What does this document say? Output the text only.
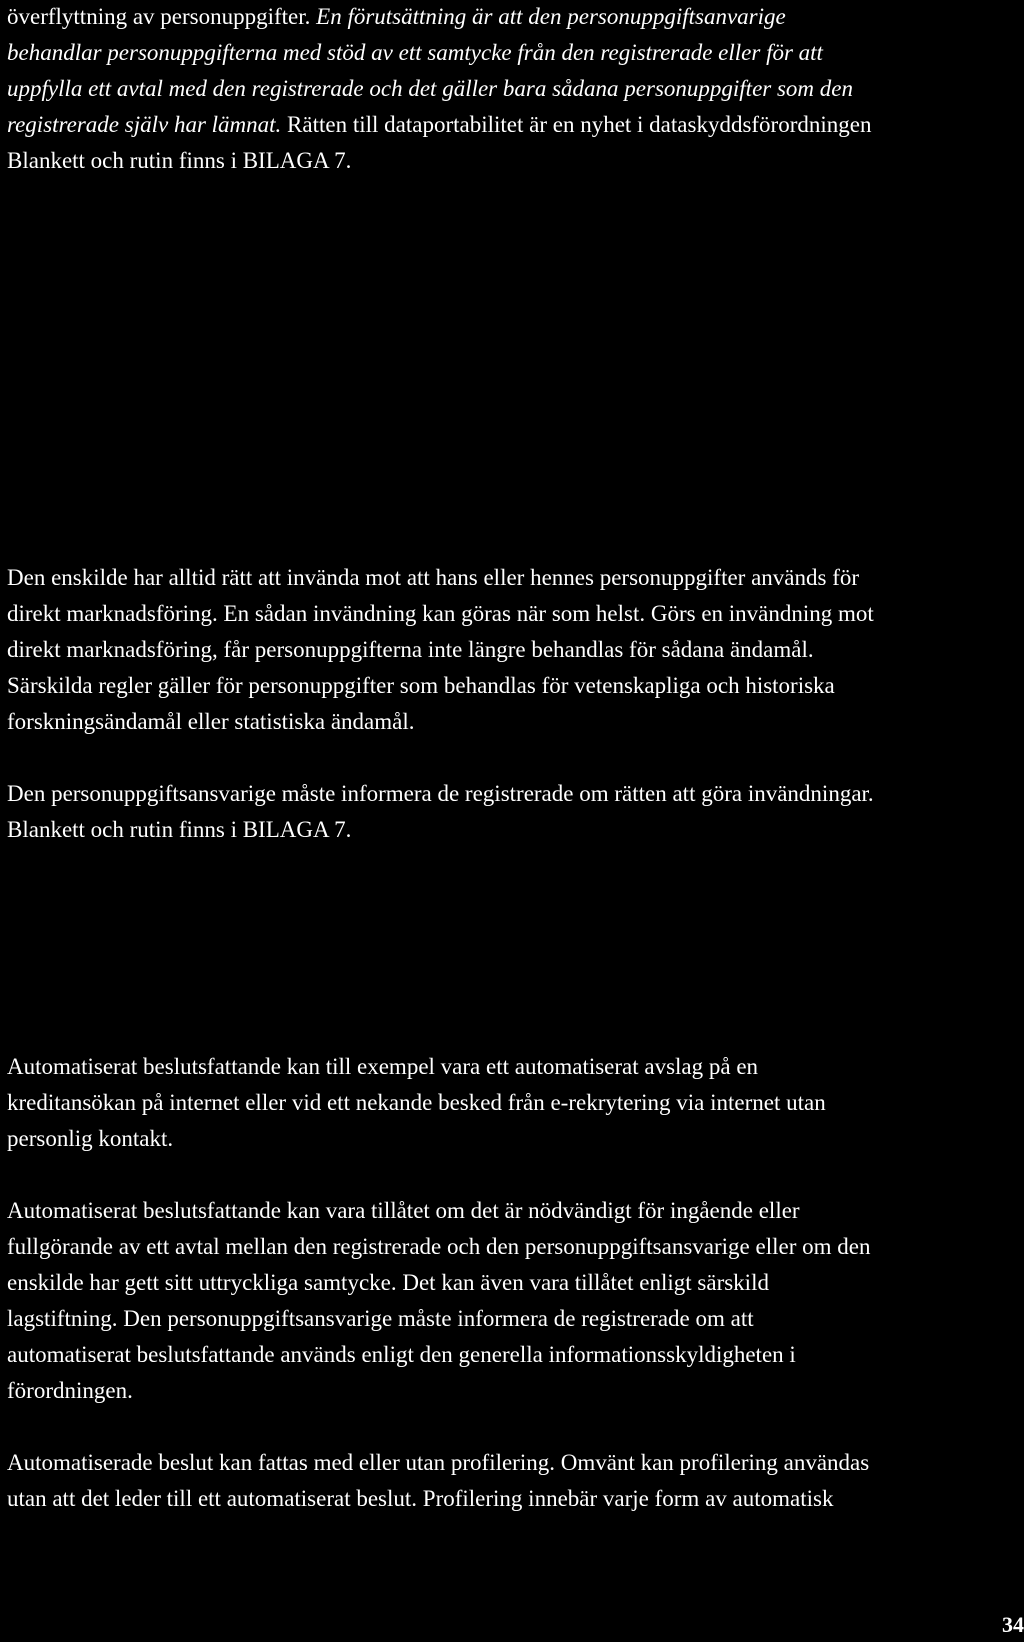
överflyttning av personuppgifter. En förutsättning är att den personuppgiftsanvarige
behandlar personuppgifterna med stöd av ett samtycke från den registrerade eller för att
uppfylla ett avtal med den registrerade och det gäller bara sådana personuppgifter som den
registrerade själv har lämnat. Rätten till dataportabilitet är en nyhet i dataskyddsförordningen
Blankett och rutin finns i BILAGA 7.
Den enskilde har alltid rätt att invända mot att hans eller hennes personuppgifter används för
direkt marknadsföring. En sådan invändning kan göras när som helst. Görs en invändning mot
direkt marknadsföring, får personuppgifterna inte längre behandlas för sådana ändamål.
Särskilda regler gäller för personuppgifter som behandlas för vetenskapliga och historiska
forskningsändamål eller statistiska ändamål.
Den personuppgiftsansvarige måste informera de registrerade om rätten att göra invändningar.
Blankett och rutin finns i BILAGA 7.
Automatiserat beslutsfattande kan till exempel vara ett automatiserat avslag på en
kreditansökan på internet eller vid ett nekande besked från e-rekrytering via internet utan
personlig kontakt.
Automatiserat beslutsfattande kan vara tillåtet om det är nödvändigt för ingående eller
fullgörande av ett avtal mellan den registrerade och den personuppgiftsansvarige eller om den
enskilde har gett sitt uttryckliga samtycke. Det kan även vara tillåtet enligt särskild
lagstiftning. Den personuppgiftsansvarige måste informera de registrerade om att
automatiserat beslutsfattande används enligt den generella informationsskyldigheten i
förordningen.
Automatiserade beslut kan fattas med eller utan profilering. Omvänt kan profilering användas
utan att det leder till ett automatiserat beslut. Profilering innebär varje form av automatisk
34
